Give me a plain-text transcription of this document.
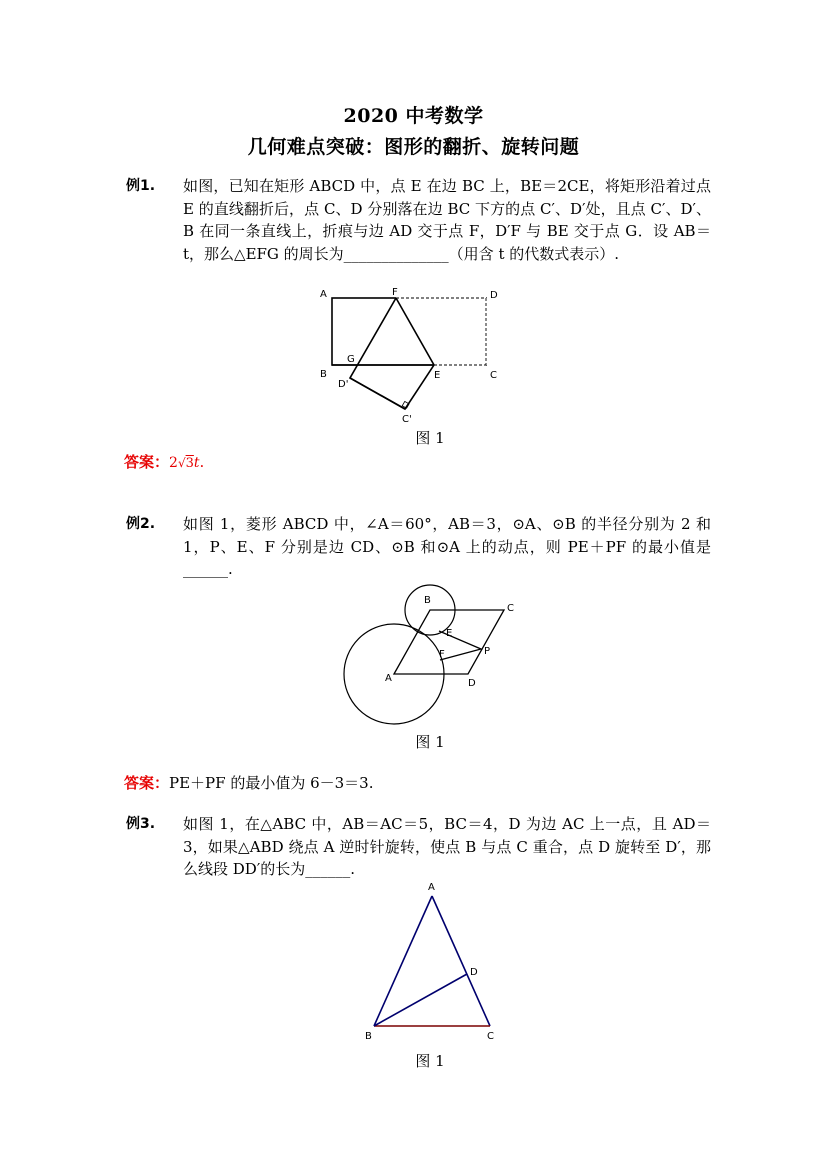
2020 中考数学
几何难点突破：图形的翻折、旋转问题
例1. 如图，已知在矩形 ABCD 中，点 E 在边 BC 上，BE＝2CE，将矩形沿着过点 E 的直线翻折后，点 C、D 分别落在边 BC 下方的点 C′、D′处，且点 C′、D′、B 在同一条直线上，折痕与边 AD 交于点 F，D′F 与 BE 交于点 G．设 AB＝t，那么△EFG 的周长为______________（用含 t 的代数式表示）.
A	F	D
B
G
E	C
D'
C'
图 1
答案：2√3t.
例2. 如图 1，菱形 ABCD 中，∠A＝60°，AB＝3，⊙A、⊙B 的半径分别为 2 和 1，P、E、F 分别是边 CD、⊙B 和⊙A 上的动点，则 PE＋PF 的最小值是______.
B
C
E
F	P
A	D
图 1
答案：PE＋PF 的最小值为 6－3＝3.
例3. 如图 1，在△ABC 中，AB＝AC＝5，BC＝4，D 为边 AC 上一点，且 AD＝3，如果△ABD 绕点 A 逆时针旋转，使点 B 与点 C 重合，点 D 旋转至 D′，那么线段 DD′的长为______.
A
D
B	C
图 1
